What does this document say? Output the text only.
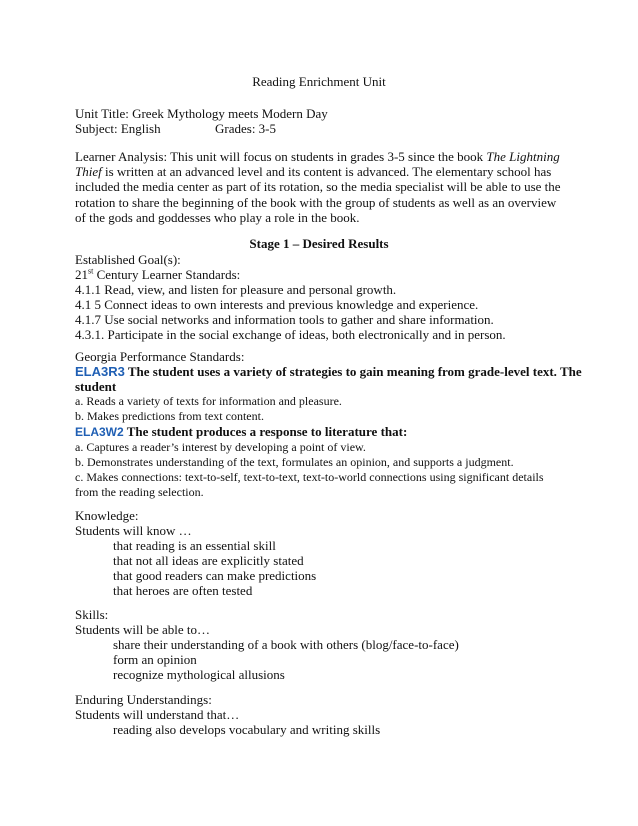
Reading Enrichment Unit
Unit Title: Greek Mythology meets Modern Day
Subject: English	Grades: 3-5
Learner Analysis: This unit will focus on students in grades 3-5 since the book The Lightning Thief is written at an advanced level and its content is advanced. The elementary school has included the media center as part of its rotation, so the media specialist will be able to use the rotation to share the beginning of the book with the group of students as well as an overview of the gods and goddesses who play a role in the book.
Stage 1 – Desired Results
Established Goal(s):
21st Century Learner Standards:
4.1.1 Read, view, and listen for pleasure and personal growth.
4.1 5 Connect ideas to own interests and previous knowledge and experience.
4.1.7 Use social networks and information tools to gather and share information.
4.3.1. Participate in the social exchange of ideas, both electronically and in person.
Georgia Performance Standards:
ELA3R3 The student uses a variety of strategies to gain meaning from grade-level text. The
student
a. Reads a variety of texts for information and pleasure.
b. Makes predictions from text content.
ELA3W2 The student produces a response to literature that:
a. Captures a reader’s interest by developing a point of view.
b. Demonstrates understanding of the text, formulates an opinion, and supports a judgment.
c. Makes connections: text-to-self, text-to-text, text-to-world connections using significant details
from the reading selection.
Knowledge:
Students will know …
that reading is an essential skill
that not all ideas are explicitly stated
that good readers can make predictions
that heroes are often tested
Skills:
Students will be able to…
share their understanding of a book with others (blog/face-to-face)
form an opinion
recognize mythological allusions
Enduring Understandings:
Students will understand that…
reading also develops vocabulary and writing skills
